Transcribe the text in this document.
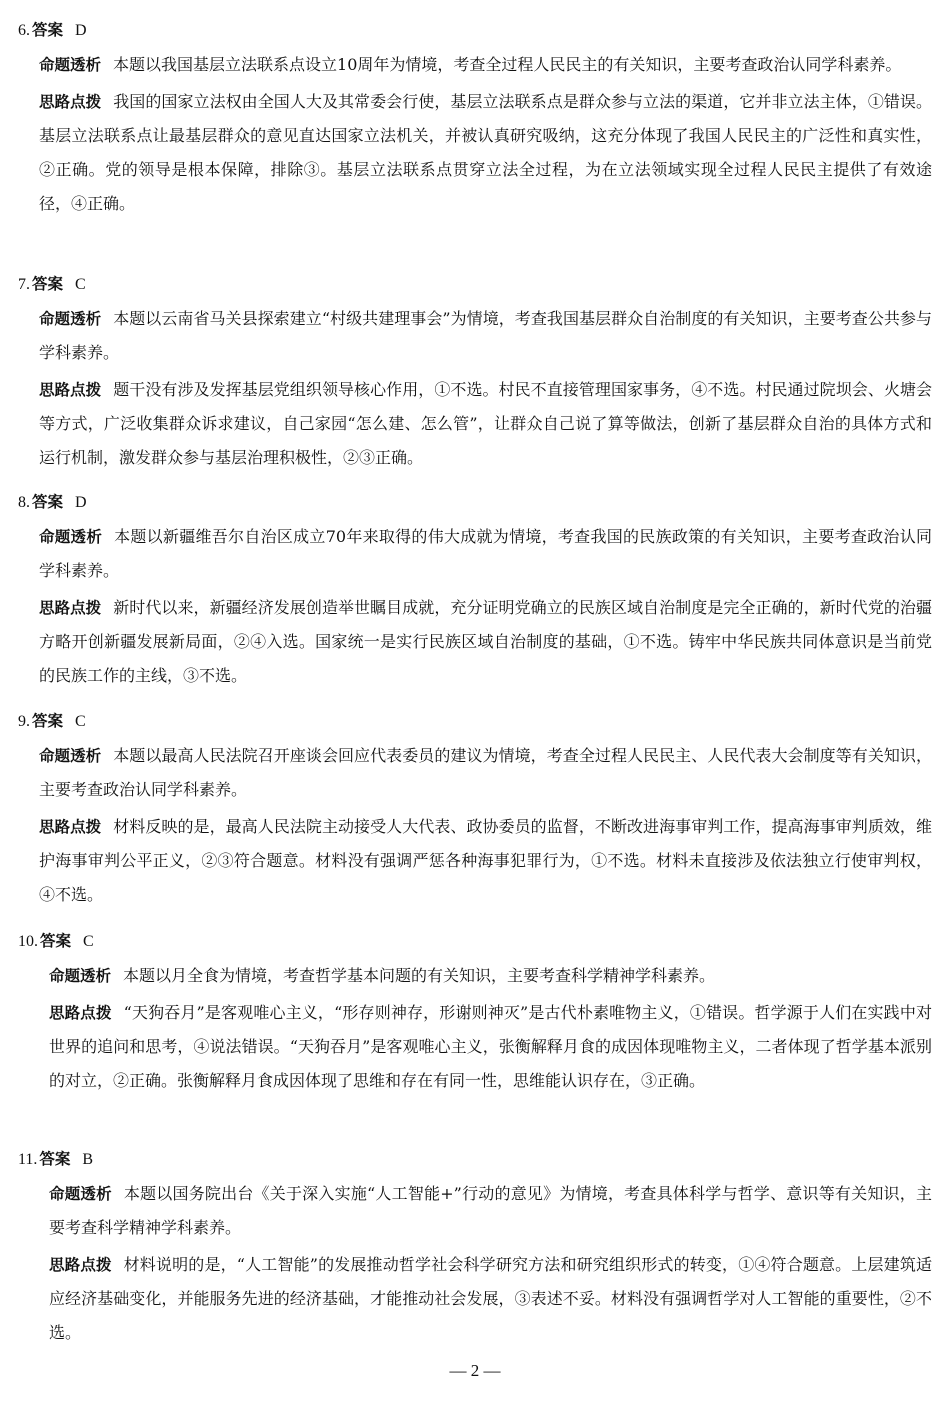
6. 答案 D
命题透析 本题以我国基层立法联系点设立10周年为情境，考查全过程人民民主的有关知识，主要考查政治认同学科素养。
思路点拨 我国的国家立法权由全国人大及其常委会行使，基层立法联系点是群众参与立法的渠道，它并非立法主体，①错误。基层立法联系点让最基层群众的意见直达国家立法机关，并被认真研究吸纳，这充分体现了我国人民民主的广泛性和真实性，②正确。党的领导是根本保障，排除③。基层立法联系点贯穿立法全过程，为在立法领域实现全过程人民民主提供了有效途径，④正确。
7. 答案 C
命题透析 本题以云南省马关县探索建立“村级共建理事会”为情境，考查我国基层群众自治制度的有关知识，主要考查公共参与学科素养。
思路点拨 题干没有涉及发挥基层党组织领导核心作用，①不选。村民不直接管理国家事务，④不选。村民通过院坝会、火塘会等方式，广泛收集群众诉求建议，自己家园“怎么建、怎么管”，让群众自己说了算等做法，创新了基层群众自治的具体方式和运行机制，激发群众参与基层治理积极性，②③正确。
8. 答案 D
命题透析 本题以新疆维吾尔自治区成立70年来取得的伟大成就为情境，考查我国的民族政策的有关知识，主要考查政治认同学科素养。
思路点拨 新时代以来，新疆经济发展创造举世瞩目成就，充分证明党确立的民族区域自治制度是完全正确的，新时代党的治疆方略开创新疆发展新局面，②④入选。国家统一是实行民族区域自治制度的基础，①不选。铸牢中华民族共同体意识是当前党的民族工作的主线，③不选。
9. 答案 C
命题透析 本题以最高人民法院召开座谈会回应代表委员的建议为情境，考查全过程人民民主、人民代表大会制度等有关知识，主要考查政治认同学科素养。
思路点拨 材料反映的是，最高人民法院主动接受人大代表、政协委员的监督，不断改进海事审判工作，提高海事审判质效，维护海事审判公平正义，②③符合题意。材料没有强调严惩各种海事犯罪行为，①不选。材料未直接涉及依法独立行使审判权，④不选。
10. 答案 C
命题透析 本题以月全食为情境，考查哲学基本问题的有关知识，主要考查科学精神学科素养。
思路点拨 “天狗吞月”是客观唯心主义，“形存则神存，形谢则神灭”是古代朴素唯物主义，①错误。哲学源于人们在实践中对世界的追问和思考，④说法错误。“天狗吞月”是客观唯心主义，张衡解释月食的成因体现唯物主义，二者体现了哲学基本派别的对立，②正确。张衡解释月食成因体现了思维和存在有同一性，思维能认识存在，③正确。
11. 答案 B
命题透析 本题以国务院出台《关于深入实施“人工智能+”行动的意见》为情境，考查具体科学与哲学、意识等有关知识，主要考查科学精神学科素养。
思路点拨 材料说明的是，“人工智能”的发展推动哲学社会科学研究方法和研究组织形式的转变，①④符合题意。上层建筑适应经济基础变化，并能服务先进的经济基础，才能推动社会发展，③表述不妥。材料没有强调哲学对人工智能的重要性，②不选。
— 2 —
